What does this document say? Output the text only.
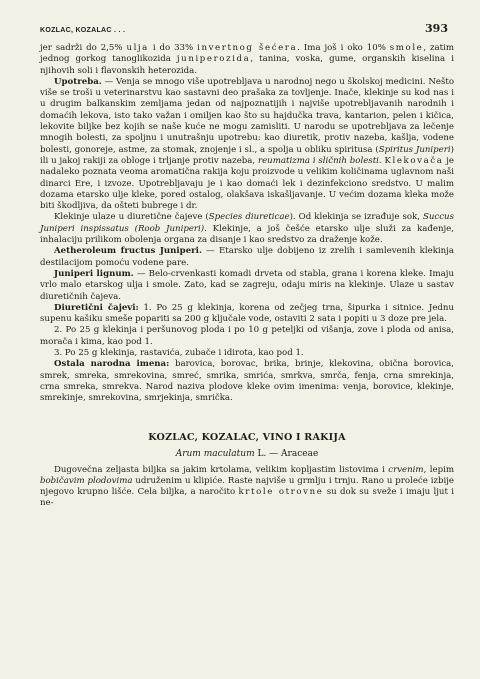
KOZLAC, KOZALAC . . .	393

jer sadrži do 2,5% ulja i do 33% invertnog šećera. Ima još i oko 10% smole, zatim jednog gorkog tanoglikozida juniperozida, tanina, voska, gume, organskih kiselina i njihovih soli i flavonskih heterozida.

Upotreba. — Venja se mnogo više upotrebljava u narodnoj nego u školskoj medicini. Nešto više se troši u veterinarstvu kao sastavni deo prašaka za tovljenje. Inače, klekinje su kod nas i u drugim balkanskim zemljama jedan od najpoznatijih i najviše upotrebljavanih narodnih i domaćih lekova, isto tako važan i omiljen kao što su hajdučka trava, kantarion, pelen i kičica, lekovite biljke bez kojih se naše kuće ne mogu zamisliti. U narodu se upotrebljava za lečenje mnogih bolesti, za spoljnu i unutrašnju upotrebu: kao diuretik, protiv nazeba, kašlja, vodene bolesti, gonoreje, astme, za stomak, znojenje i sl., a spolja u obliku spiritusa (Spiritus Juniperi) ili u jakoj rakiji za obloge i trljanje protiv nazeba, reumatizma i sličnih bolesti. Klekovača je nadaleko poznata veoma aromatična rakija koju proizvode u velikim količinama uglavnom naši dinarci Ere, i izvoze. Upotrebljavaju je i kao domaći lek i dezinfekciono sredstvo. U malim dozama etarsko ulje kleke, pored ostalog, olakšava iskašljavanje. U većim dozama kleka može biti škodljiva, da ošteti bubrege i dr.

Klekinje ulaze u diuretične čajeve (Species diureticae). Od klekinja se izrađuje sok, Succus Juniperi inspissatus (Roob Juniperi). Klekinje, a još češće etarsko ulje služi za kađenje, inhalaciju prilikom obolenja organa za disanje i kao sredstvo za draženje kože.

Aetheroleum fructus Juniperi. — Etarsko ulje dobijeno iz zrelih i samlevenih klekinja destilacijom pomoću vodene pare.

Juniperi lignum. — Belo-crvenkasti komadi drveta od stabla, grana i korena kleke. Imaju vrlo malo etarskog ulja i smole. Zato, kad se zagreju, odaju miris na klekinje. Ulaze u sastav diuretičnih čajeva.

Diuretični čajevi: 1. Po 25 g klekinja, korena od zečjeg trna, šipurka i sitnice. Jednu supenu kašiku smeše popariti sa 200 g ključale vode, ostaviti 2 sata i popiti u 3 doze pre jela.

2. Po 25 g klekinja i peršunovog ploda i po 10 g peteljki od višanja, zove i ploda od anisa, morača i kima, kao pod 1.

3. Po 25 g klekinja, rastavića, zubače i idirota, kao pod 1.

Ostala narodna imena: barovica, borovac, brika, brinje, klekovina, obična borovica, smrek, smreka, smrekovina, smreć, smrika, smrića, smrkva, smrča, fenja, crna smrekinja, crna smreka, smrekva. Narod naziva plodove kleke ovim imenima: venja, borovice, klekinje, smrekinje, smrekovina, smrjekinja, smrička.

KOZLAC, KOZALAC, VINO I RAKIJA
Arum maculatum L. — Araceae

Dugovečna zeljasta biljka sa jakim krtolama, velikim kopljastim listovima i crvenim, lepim bobičavim plodovima udruženim u klipiće. Raste najviše u grmlju i trnju. Rano u proleće izbije njegovo krupno lišće. Cela biljka, a naročito krtole otrovne su dok su sveže i imaju ljut i ne-
